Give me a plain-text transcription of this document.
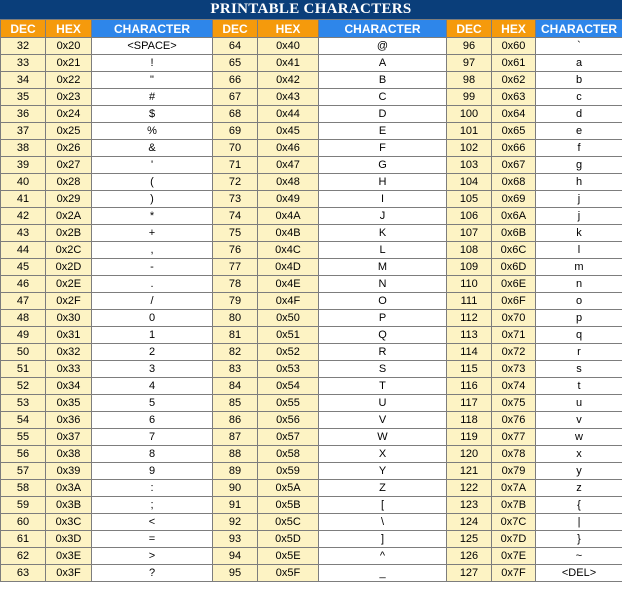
PRINTABLE CHARACTERS
DEC	HEX	CHARACTER	DEC	HEX	CHARACTER	DEC	HEX	CHARACTER
32	0x20	<SPACE>	64	0x40	@	96	0x60	`
33	0x21	!	65	0x41	A	97	0x61	a
34	0x22	"	66	0x42	B	98	0x62	b
35	0x23	#	67	0x43	C	99	0x63	c
36	0x24	$	68	0x44	D	100	0x64	d
37	0x25	%	69	0x45	E	101	0x65	e
38	0x26	&	70	0x46	F	102	0x66	f
39	0x27	'	71	0x47	G	103	0x67	g
40	0x28	(	72	0x48	H	104	0x68	h
41	0x29	)	73	0x49	I	105	0x69	j
42	0x2A	*	74	0x4A	J	106	0x6A	j
43	0x2B	+	75	0x4B	K	107	0x6B	k
44	0x2C	,	76	0x4C	L	108	0x6C	l
45	0x2D	-	77	0x4D	M	109	0x6D	m
46	0x2E	.	78	0x4E	N	110	0x6E	n
47	0x2F	/	79	0x4F	O	111	0x6F	o
48	0x30	0	80	0x50	P	112	0x70	p
49	0x31	1	81	0x51	Q	113	0x71	q
50	0x32	2	82	0x52	R	114	0x72	r
51	0x33	3	83	0x53	S	115	0x73	s
52	0x34	4	84	0x54	T	116	0x74	t
53	0x35	5	85	0x55	U	117	0x75	u
54	0x36	6	86	0x56	V	118	0x76	v
55	0x37	7	87	0x57	W	119	0x77	w
56	0x38	8	88	0x58	X	120	0x78	x
57	0x39	9	89	0x59	Y	121	0x79	y
58	0x3A	:	90	0x5A	Z	122	0x7A	z
59	0x3B	;	91	0x5B	[	123	0x7B	{
60	0x3C	<	92	0x5C	\	124	0x7C	|
61	0x3D	=	93	0x5D	]	125	0x7D	}
62	0x3E	>	94	0x5E	^	126	0x7E	~
63	0x3F	?	95	0x5F	_	127	0x7F	<DEL>
